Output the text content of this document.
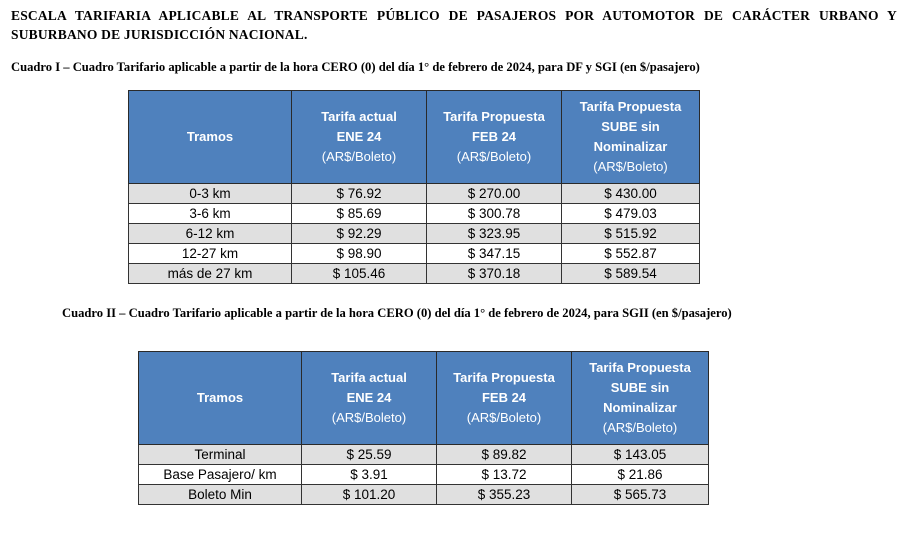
ESCALA TARIFARIA APLICABLE AL TRANSPORTE PÚBLICO DE PASAJEROS POR AUTOMOTOR DE CARÁCTER URBANO Y SUBURBANO DE JURISDICCIÓN NACIONAL.
Cuadro I – Cuadro Tarifario aplicable a partir de la hora CERO (0) del día 1° de febrero de 2024, para DF y SGI (en $/pasajero)
Tramos	Tarifa actual
ENE 24

(AR$/Boleto)	Tarifa Propuesta
FEB 24

(AR$/Boleto)	Tarifa Propuesta
SUBE sin
Nominalizar

(AR$/Boleto)

0-3 km	$ 76.92	$ 270.00	$ 430.00
3-6 km	$ 85.69	$ 300.78	$ 479.03
6-12 km	$ 92.29	$ 323.95	$ 515.92
12-27 km	$ 98.90	$ 347.15	$ 552.87
más de 27 km	$ 105.46	$ 370.18	$ 589.54
Cuadro II – Cuadro Tarifario aplicable a partir de la hora CERO (0) del día 1° de febrero de 2024, para SGII (en $/pasajero)
Tramos	Tarifa actual
ENE 24

(AR$/Boleto)	Tarifa Propuesta
FEB 24

(AR$/Boleto)	Tarifa Propuesta
SUBE sin
Nominalizar

(AR$/Boleto)

Terminal	$ 25.59	$ 89.82	$ 143.05
Base Pasajero/ km	$ 3.91	$ 13.72	$ 21.86
Boleto Min	$ 101.20	$ 355.23	$ 565.73
